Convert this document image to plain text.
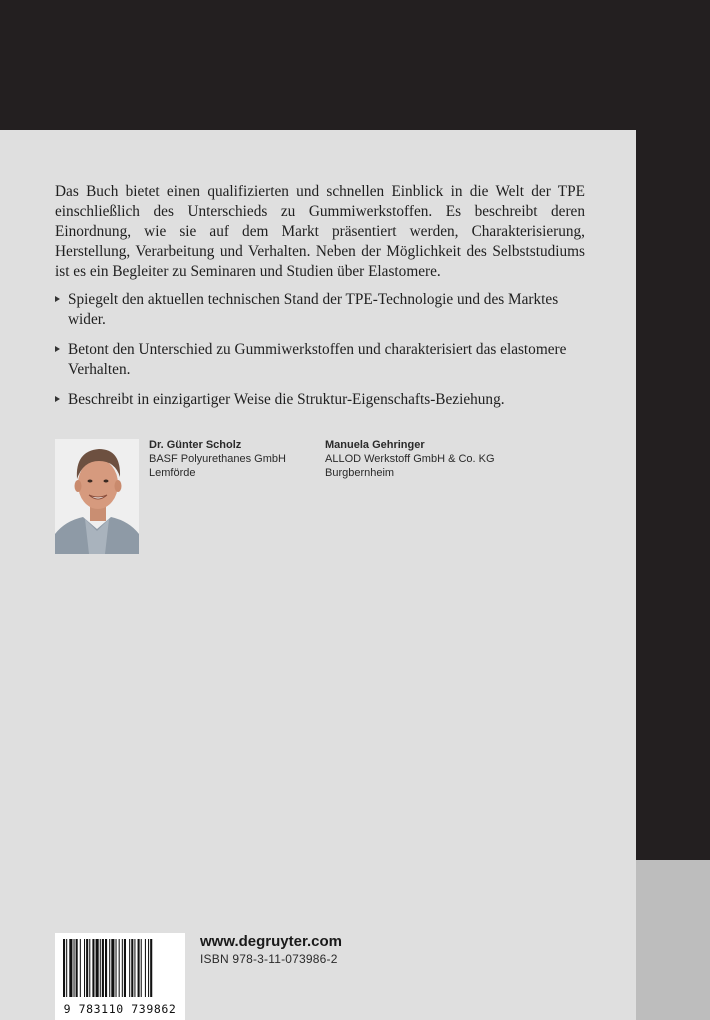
Das Buch bietet einen qualifizierten und schnellen Einblick in die Welt der TPE einschließlich des Unterschieds zu Gummiwerkstoffen. Es beschreibt deren Einordnung, wie sie auf dem Markt präsentiert werden, Charakterisierung, Herstellung, Verarbeitung und Verhalten. Neben der Möglichkeit des Selbststudiums ist es ein Begleiter zu Seminaren und Studien über Elastomere.

Spiegelt den aktuellen technischen Stand der TPE-Technologie und des Marktes wider.
Betont den Unterschied zu Gummiwerkstoffen und charakterisiert das elastomere Verhalten.
Beschreibt in einzigartiger Weise die Struktur-Eigenschafts-Beziehung.
Dr. Günter Scholz
BASF Polyurethanes GmbH
Lemförde
Manuela Gehringer
ALLOD Werkstoff GmbH & Co. KG
Burgbernheim
9 783110 739862
www.degruyter.com
ISBN 978-3-11-073986-2
